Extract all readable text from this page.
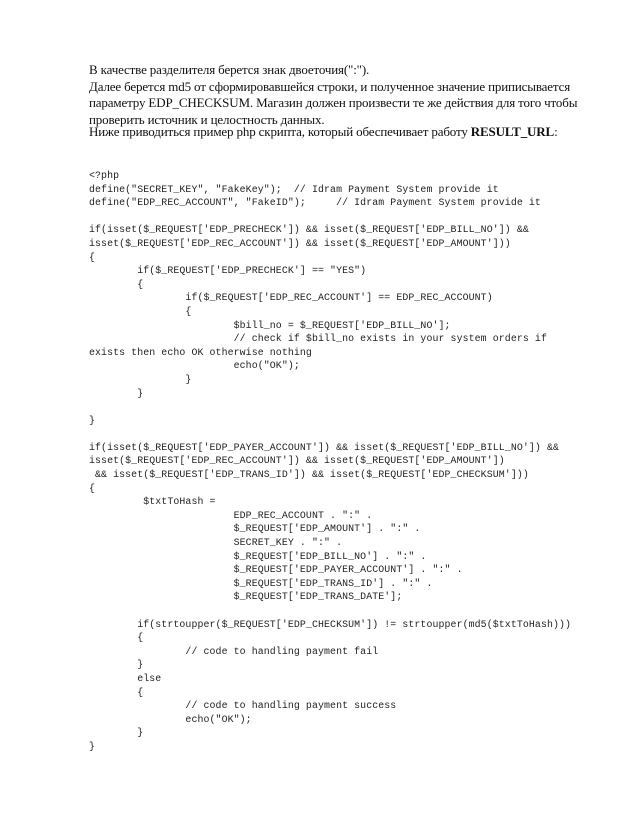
В качестве разделителя берется знак двоеточия(":").

Далее берется md5 от сформировавшейся строки, и полученное значение приписывается

параметру EDP_CHECKSUM. Магазин должен произвести те же действия для того чтобы

проверить источник и целостность данных.

Ниже приводиться пример php скрипта, который обеспечивает работу RESULT_URL:

<?php
define("SECRET_KEY", "FakeKey");  // Idram Payment System provide it
define("EDP_REC_ACCOUNT", "FakeID");     // Idram Payment System provide it
if(isset($_REQUEST['EDP_PRECHECK']) && isset($_REQUEST['EDP_BILL_NO']) &&
isset($_REQUEST['EDP_REC_ACCOUNT']) && isset($_REQUEST['EDP_AMOUNT']))
{
if($_REQUEST['EDP_PRECHECK'] == "YES")
{
if($_REQUEST['EDP_REC_ACCOUNT'] == EDP_REC_ACCOUNT)
{
$bill_no = $_REQUEST['EDP_BILL_NO'];
// check if $bill_no exists in your system orders if
exists then echo OK otherwise nothing
echo("OK");
}
}
}
if(isset($_REQUEST['EDP_PAYER_ACCOUNT']) && isset($_REQUEST['EDP_BILL_NO']) &&
isset($_REQUEST['EDP_REC_ACCOUNT']) && isset($_REQUEST['EDP_AMOUNT'])
&& isset($_REQUEST['EDP_TRANS_ID']) && isset($_REQUEST['EDP_CHECKSUM']))
{
$txtToHash =
EDP_REC_ACCOUNT . ":" .
$_REQUEST['EDP_AMOUNT'] . ":" .
SECRET_KEY . ":" .
$_REQUEST['EDP_BILL_NO'] . ":" .
$_REQUEST['EDP_PAYER_ACCOUNT'] . ":" .
$_REQUEST['EDP_TRANS_ID'] . ":" .
$_REQUEST['EDP_TRANS_DATE'];
if(strtoupper($_REQUEST['EDP_CHECKSUM']) != strtoupper(md5($txtToHash)))
{
// code to handling payment fail
}
else
{
// code to handling payment success
echo("OK");
}
}
